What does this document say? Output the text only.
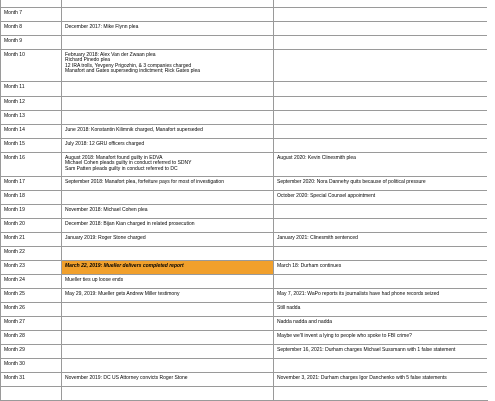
Month 7		
Month 8	December 2017: Mike Flynn plea	

Month 9		
Month 10	February 2018: Alex Van der Zwaan plea
Richard Pinedo plea
12 IRA trolls, Yevgeny Prigozhin, & 3 companies charged
Manafort and Gates superseding indictment; Rick Gates plea	

Month 11		
Month 12		
Month 13		
Month 14	June 2018: Konstantin Kilimnik charged, Manafort superseded	

Month 15	July 2018: 12 GRU officers charged	

Month 16	August 2018: Manafort found guilty in EDVA
Michael Cohen pleads guilty in conduct referred to SDNY
Sam Patten pleads guilty in conduct referred to DC	August 2020: Kevin Clinesmith plea

Month 17	September 2018: Manafort plea, forfeiture pays for most of investigation	September 2020: Nora Dannehy quits because of political pressure

Month 18		October 2020: Special Counsel appointment

Month 19	November 2018: Michael Cohen plea	

Month 20	December 2018: Bijan Kian charged in related prosecution	

Month 21	January 2019: Roger Stone charged	January 2021: Clinesmith sentenced

Month 22		
Month 23	March 22, 2019: Mueller delivers completed report	March 18: Durham continues

Month 24	Mueller ties up loose ends	

Month 25	May 29, 2019: Mueller gets Andrew Miller testimony	May 7, 2021: WaPo reports its journalists have had phone records seized

Month 26		Still nadda

Month 27		Nadda nadda and nadda

Month 28		Maybe we'll invent a lying to people who spoke to FBI crime?

Month 29		September 16, 2021: Durham charges Michael Sussmann with 1 false statement

Month 30		
Month 31	November 2019: DC US Attorney convicts Roger Stone	November 3, 2021: Durham charges Igor Danchenko with 5 false statements
